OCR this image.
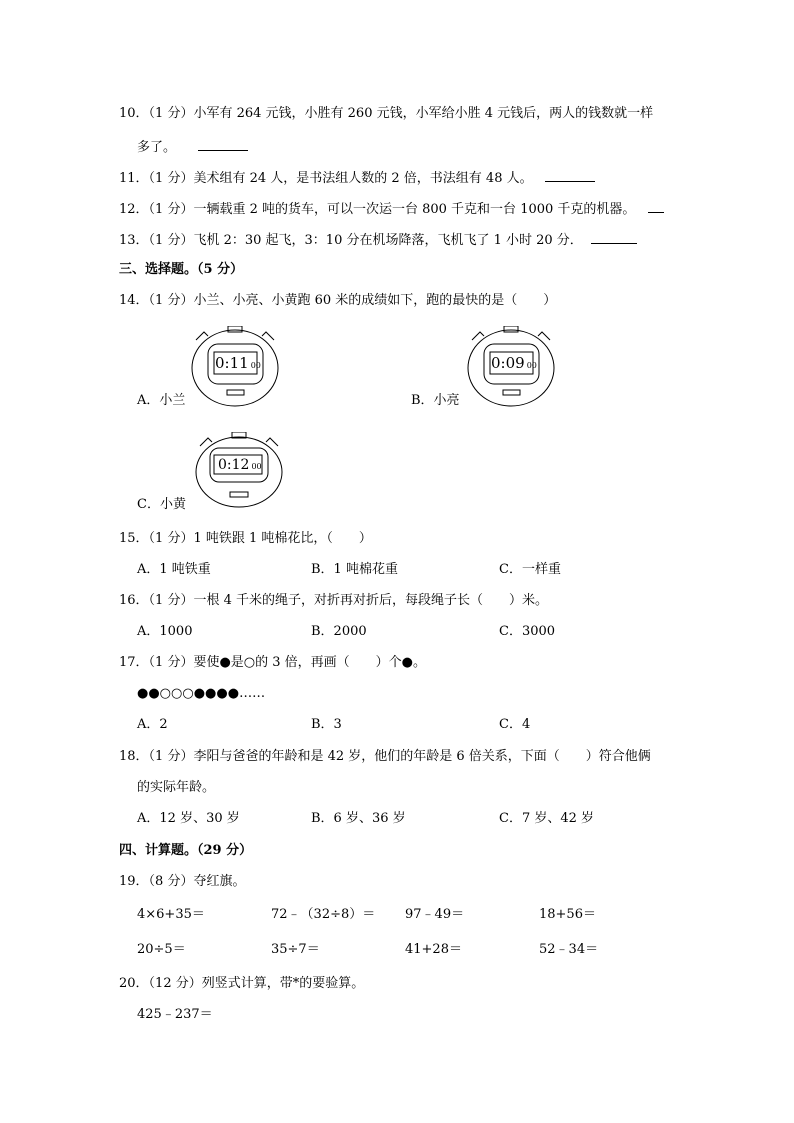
10．（1 分）小军有 264 元钱，小胜有 260 元钱，小军给小胜 4 元钱后，两人的钱数就一样
多了。
11．（1 分）美术组有 24 人，是书法组人数的 2 倍，书法组有 48 人。
12．（1 分）一辆载重 2 吨的货车，可以一次运一台 800 千克和一台 1000 千克的机器。
13．（1 分）飞机 2：30 起飞，3：10 分在机场降落，飞机飞了 1 小时 20 分．
三、选择题。（5 分）
14．（1 分）小兰、小亮、小黄跑 60 米的成绩如下，跑的最快的是（　　）
0:11 00
A．小兰
0:09 00
B．小亮
0:12 00
C．小黄
15．（1 分）1 吨铁跟 1 吨棉花比，（　　）
A．1 吨铁重	B．1 吨棉花重	C．一样重
16．（1 分）一根 4 千米的绳子，对折再对折后，每段绳子长（　　）米。
A．1000	B．2000	C．3000
17．（1 分）要使●是○的 3 倍，再画（　　）个●。
●●○○○●●●●……
A．2	B．3	C．4
18．（1 分）李阳与爸爸的年龄和是 42 岁，他们的年龄是 6 倍关系，下面（　　）符合他俩
的实际年龄。
A．12 岁、30 岁	B．6 岁、36 岁	C．7 岁、42 岁
四、计算题。（29 分）
19．（8 分）夺红旗。
4×6+35＝	72﹣（32÷8）＝ 97﹣49＝	18+56＝
20÷5＝	35÷7＝	41+28＝	52﹣34＝
20．（12 分）列竖式计算，带*的要验算。
425﹣237＝
